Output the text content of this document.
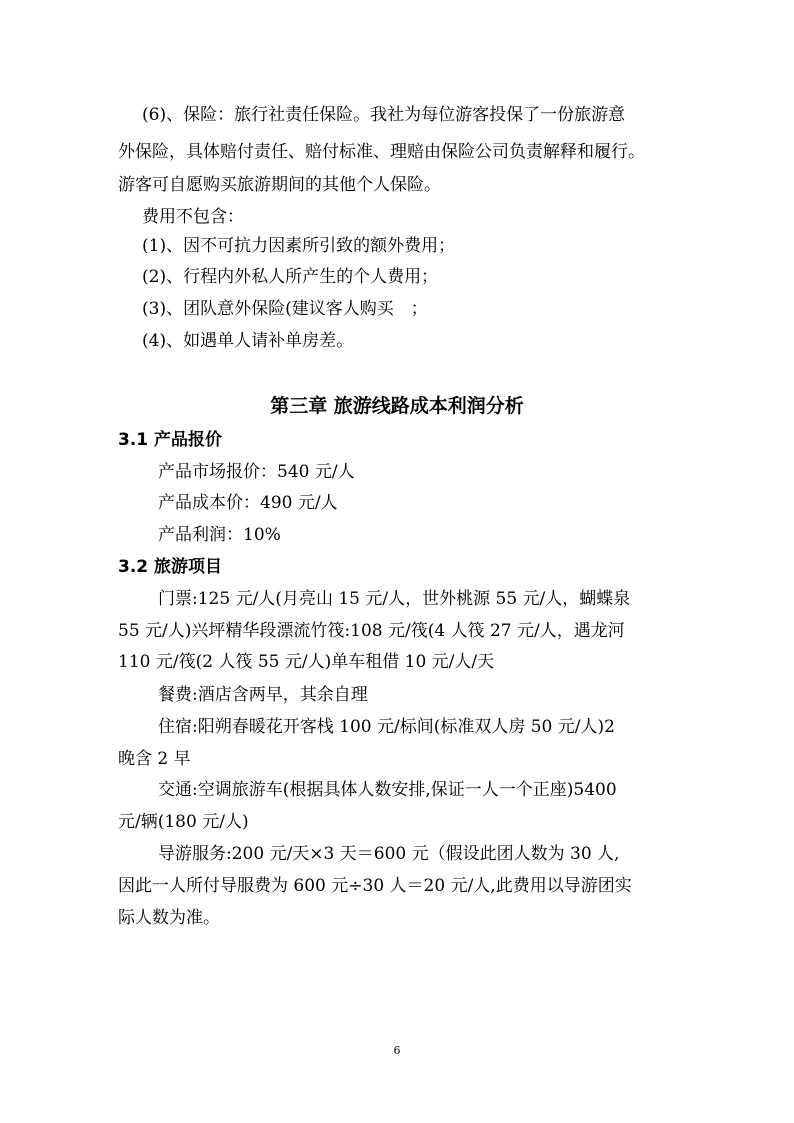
(6)、保险：旅行社责任保险。我社为每位游客投保了一份旅游意
外保险，具体赔付责任、赔付标准、理赔由保险公司负责解释和履行。
游客可自愿购买旅游期间的其他个人保险。
费用不包含：
(1)、因不可抗力因素所引致的额外费用；
(2)、行程内外私人所产生的个人费用；
(3)、团队意外保险(建议客人购买　；
(4)、如遇单人请补单房差。
第三章 旅游线路成本利润分析
3.1 产品报价
产品市场报价：540 元/人
产品成本价：490 元/人
产品利润：10%
3.2 旅游项目
门票:125 元/人(月亮山 15 元/人，世外桃源 55 元/人，蝴蝶泉
55 元/人)兴坪精华段漂流竹筏:108 元/筏(4 人筏 27 元/人，遇龙河
110 元/筏(2 人筏 55 元/人)单车租借 10 元/人/天
餐费:酒店含两早，其余自理
住宿:阳朔春暖花开客栈 100 元/标间(标准双人房 50 元/人)2
晚含 2 早
交通:空调旅游车(根据具体人数安排,保证一人一个正座)5400
元/辆(180 元/人)
导游服务:200 元/天×3 天＝600 元（假设此团人数为 30 人,
因此一人所付导服费为 600 元÷30 人＝20 元/人,此费用以导游团实
际人数为准。
6
